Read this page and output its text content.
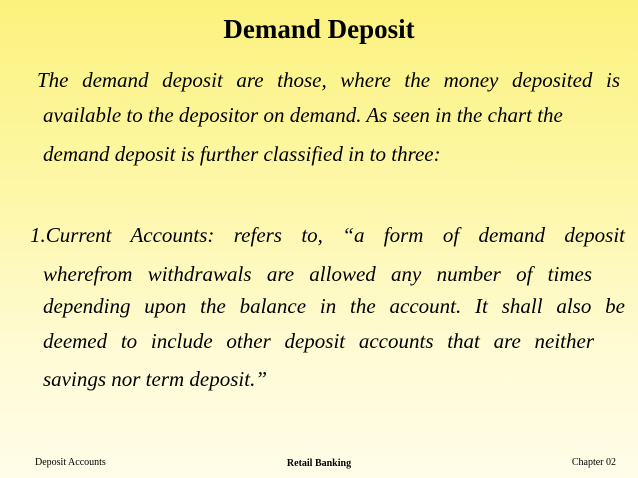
Demand Deposit

The demand deposit are those, where the money deposited is

available to the depositor on demand. As seen in the chart the

demand deposit is further classified in to three:

1.Current Accounts: refers to, “a form of demand deposit

wherefrom withdrawals are allowed any number of times

depending upon the balance in the account. It shall also be

deemed to include other deposit accounts that are neither

savings nor term deposit.”

Deposit Accounts	Retail Banking	Chapter 02
